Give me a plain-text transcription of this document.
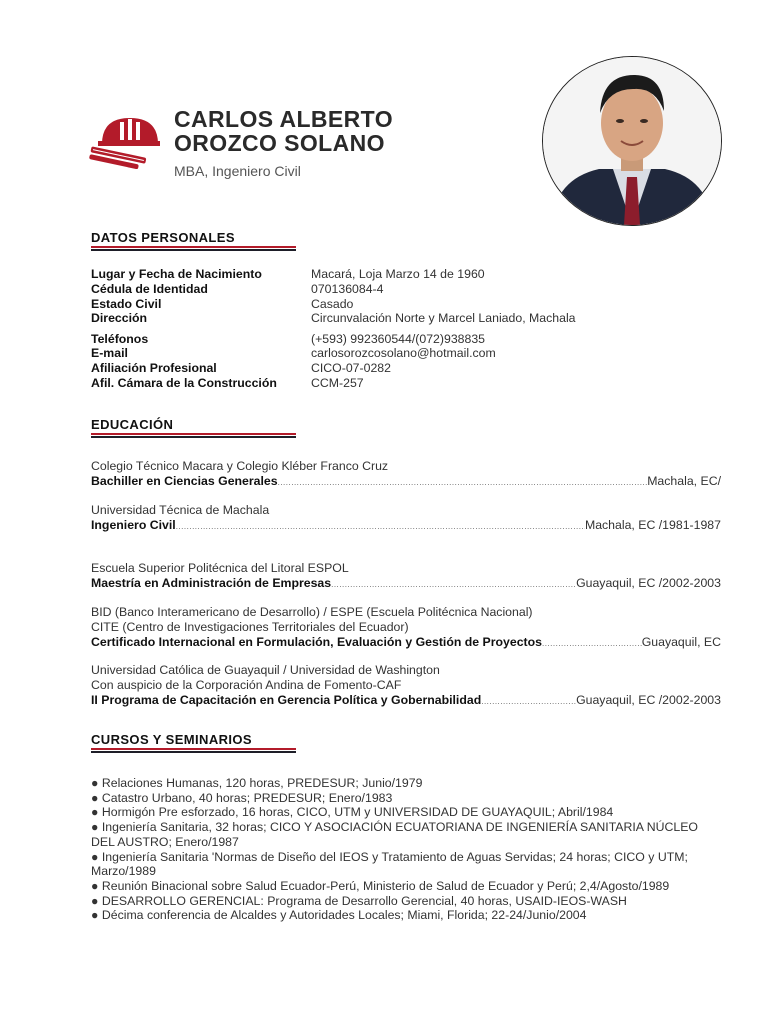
CARLOS ALBERTO
OROZCO SOLANO
MBA, Ingeniero Civil
DATOS PERSONALES
Lugar y Fecha de Nacimiento	Macará, Loja Marzo 14 de 1960
Cédula de Identidad	070136084-4
Estado Civil	Casado
Dirección	Circunvalación Norte y Marcel Laniado, Machala
Teléfonos	(+593) 992360544/(072)938835
E-mail	carlosorozcosolano@hotmail.com
Afiliación Profesional	CICO-07-0282
Afil. Cámara de la Construcción	CCM-257
EDUCACIÓN
Colegio Técnico Macara y Colegio Kléber Franco Cruz
Bachiller en Ciencias Generales .....	Machala, EC/
Universidad Técnica de Machala
Ingeniero Civil .....	Machala, EC /1981-1987
Escuela Superior Politécnica del Litoral ESPOL
Maestría en Administración de Empresas .....	Guayaquil, EC /2002-2003
BID (Banco Interamericano de Desarrollo) / ESPE (Escuela Politécnica Nacional)
CITE (Centro de Investigaciones Territoriales del Ecuador)
Certificado Internacional en Formulación, Evaluación y Gestión de Proyectos .....	Guayaquil, EC
Universidad Católica de Guayaquil / Universidad de Washington
Con auspicio de la Corporación Andina de Fomento-CAF
II Programa de Capacitación en Gerencia Política y Gobernabilidad .....	Guayaquil, EC /2002-2003
CURSOS Y SEMINARIOS
● Relaciones Humanas, 120 horas, PREDESUR; Junio/1979
● Catastro Urbano, 40 horas; PREDESUR; Enero/1983
● Hormigón Pre esforzado, 16 horas, CICO, UTM y UNIVERSIDAD DE GUAYAQUIL; Abril/1984
● Ingeniería Sanitaria, 32 horas; CICO Y ASOCIACIÓN ECUATORIANA DE INGENIERÍA SANITARIA NÚCLEO DEL AUSTRO; Enero/1987
● Ingeniería Sanitaria 'Normas de Diseño del IEOS y Tratamiento de Aguas Servidas; 24 horas; CICO y UTM; Marzo/1989
● Reunión Binacional sobre Salud Ecuador-Perú, Ministerio de Salud de Ecuador y Perú; 2,4/Agosto/1989
● DESARROLLO GERENCIAL: Programa de Desarrollo Gerencial, 40 horas, USAID-IEOS-WASH
● Décima conferencia de Alcaldes y Autoridades Locales; Miami, Florida; 22-24/Junio/2004
